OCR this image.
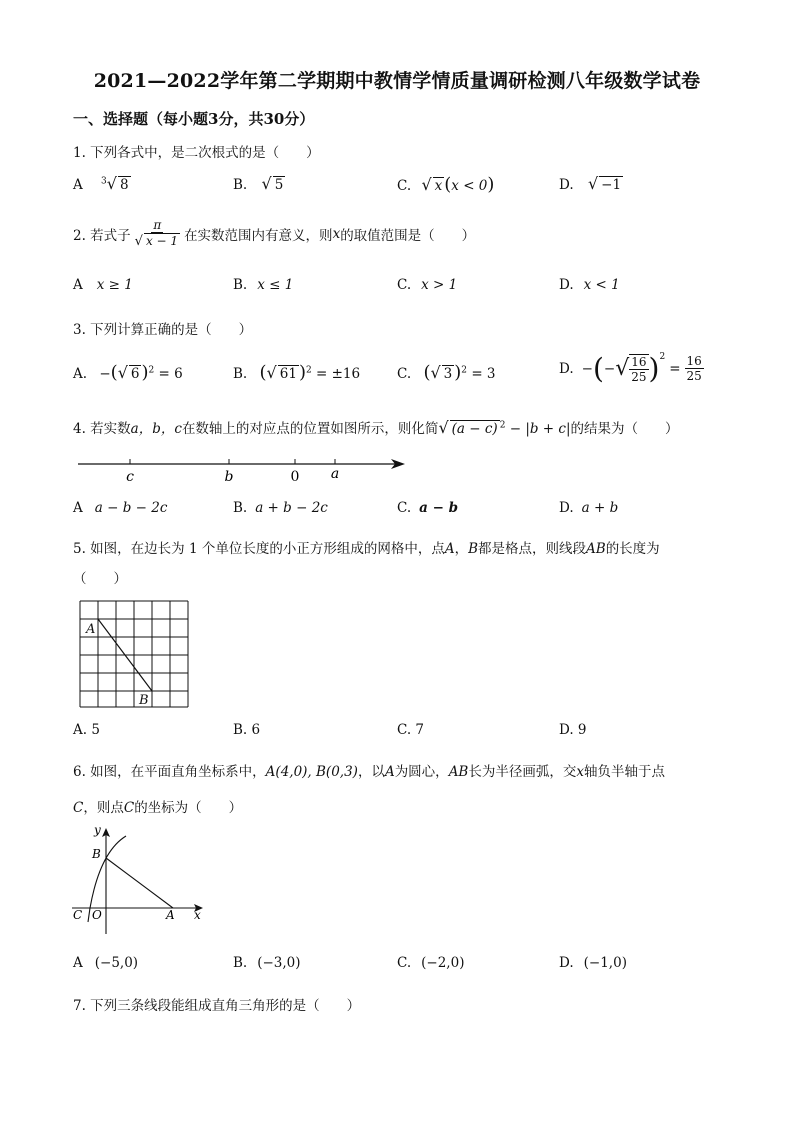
2021—2022学年第二学期期中教情学情质量调研检测八年级数学试卷
一、选择题（每小题3分，共30分）
1. 下列各式中，是二次根式的是（　　）
A $^3$√ 8	B. √ 5	C. √ x (x < 0)	D. √ −1
2. 若式子 $\frac{\pi}{√ x - 1}$ 在实数范围内有意义，则 x 的取值范围是（　　）
A x ≥ 1	B. x ≤ 1	C. x > 1	D. x < 1
3. 下列计算正确的是（　　）
A. −(√ 6 )$^2$ = 6	B. (√ 61 )$^2$ = ±16	C. (√ 3 )$^2$ = 3	D. − ( − √ $\frac{16}{25} )^2$
= $\frac{16}{25}$
4. 若实数a，b，c在数轴上的对应点的位置如图所示，则化简√ (a − c) $^2$ − |b + c|的结果为（　　）
c	b	0 a
A a − b − 2c	B. a + b − 2c	C. a − b	D. a + b
5. 如图，在边长为 1 个单位长度的小正方形组成的网格中，点A，B都是格点，则线段AB的长度为
（　　）
A
B
A. 5	B. 6	C. 7	D. 9
6. 如图，在平面直角坐标系中，A(4,0), B(0,3)，以A为圆心，AB长为半径画弧，交x轴负半轴于点
C，则点C的坐标为（　　）
y
x
B
C O	A
A (−5,0)	B. (−3,0)	C. (−2,0)	D. (−1,0)
7. 下列三条线段能组成直角三角形的是（　　）
